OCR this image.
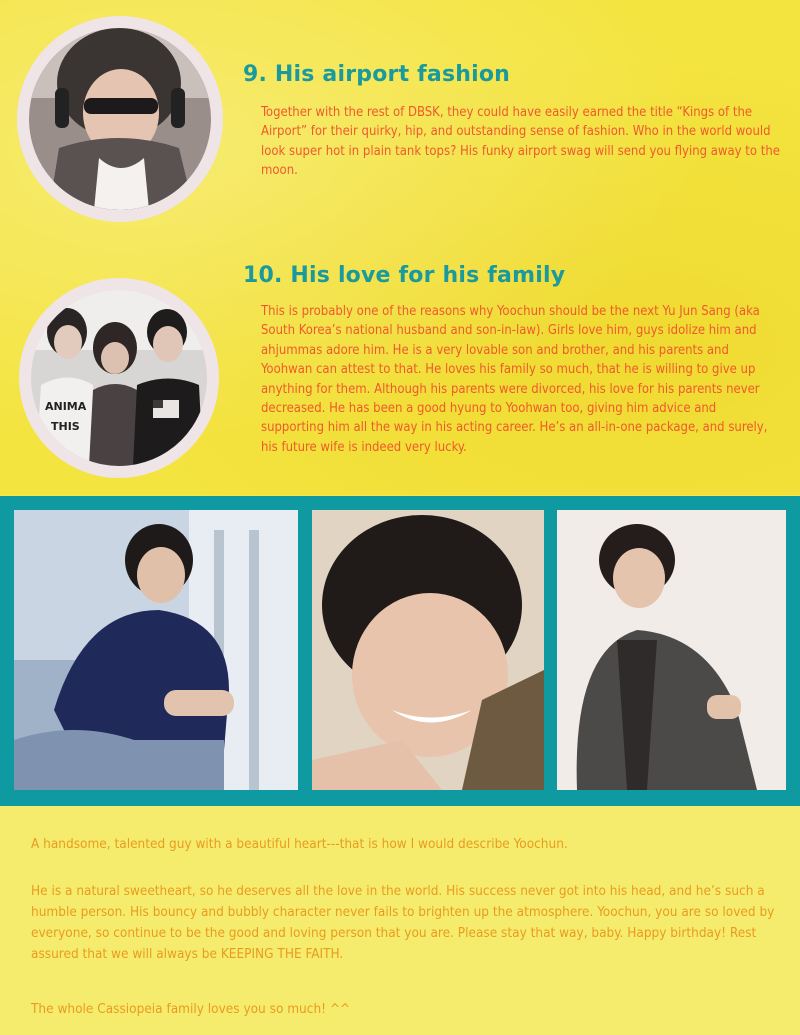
9. His airport fashion
Together with the rest of DBSK, they could have easily earned the title “Kings of the Airport” for their quirky, hip, and outstanding sense of fashion. Who in the world would look super hot in plain tank tops? His funky airport swag will send you flying away to the moon.
ANIMA
THIS
10. His love for his family
This is probably one of the reasons why Yoochun should be the next Yu Jun Sang (aka South Korea’s national husband and son-in-law). Girls love him, guys idolize him and ahjummas adore him. He is a very lovable son and brother, and his parents and Yoohwan can attest to that. He loves his family so much, that he is willing to give up anything for them. Although his parents were divorced, his love for his parents never decreased. He has been a good hyung to Yoohwan too, giving him advice and supporting him all the way in his acting career. He’s an all-in-one package, and surely, his future wife is indeed very lucky.
A handsome, talented guy with a beautiful heart---that is how I would describe Yoochun.
He is a natural sweetheart, so he deserves all the love in the world. His success never got into his head, and he’s such a humble person. His bouncy and bubbly character never fails to brighten up the atmosphere. Yoochun, you are so loved by everyone, so continue to be the good and loving person that you are. Please stay that way, baby. Happy birthday! Rest assured that we will always be KEEPING THE FAITH.
The whole Cassiopeia family loves you so much! ^^
